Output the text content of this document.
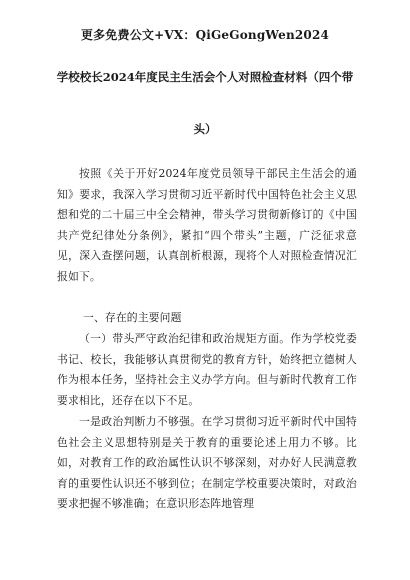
更多免费公文+VX：QiGeGongWen2024
学校校长2024年度民主生活会个人对照检查材料（四个带
头）

按照《关于开好2024年度党员领导干部民主生活会的通知》要求，我深入学习贯彻习近平新时代中国特色社会主义思想和党的二十届三中全会精神，带头学习贯彻新修订的《中国共产党纪律处分条例》，紧扣“四个带头”主题，广泛征求意见，深入查摆问题，认真剖析根源，现将个人对照检查情况汇报如下。

一、存在的主要问题

（一）带头严守政治纪律和政治规矩方面。作为学校党委书记、校长，我能够认真贯彻党的教育方针，始终把立德树人作为根本任务，坚持社会主义办学方向。但与新时代教育工作要求相比，还存在以下不足。

一是政治判断力不够强。在学习贯彻习近平新时代中国特色社会主义思想特别是关于教育的重要论述上用力不够。比如，对教育工作的政治属性认识不够深刻，对办好人民满意教育的重要性认识还不够到位；在制定学校重要决策时，对政治要求把握不够准确；在意识形态阵地管理
